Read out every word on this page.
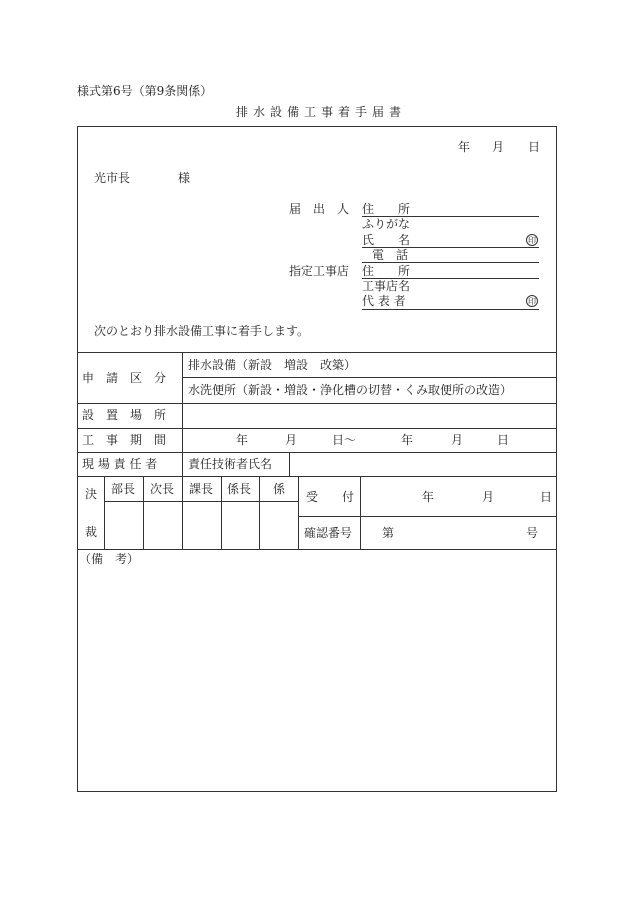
様式第6号（第9条関係）
排水設備工事着手届書
年 月 日
光市長	様
届　出　人 住　　所
ふりがな
氏　　名	印
電　話
指定工事店 住　　所
工事店名
代 表 者	印
次のとおり排水設備工事に着手します。
申　請　区　分
排水設備（新設　増設　改築）
水洗便所（新設・増設・浄化槽の切替・くみ取便所の改造）
設　置　場　所
工　事　期　間	年	月	日～	年	月	日
現 場 責 任 者	責任技術者氏名
決
裁
部長 次長 課長 係長 係
受　　付	年	月	日
確認番号 第	号
（備　考）
